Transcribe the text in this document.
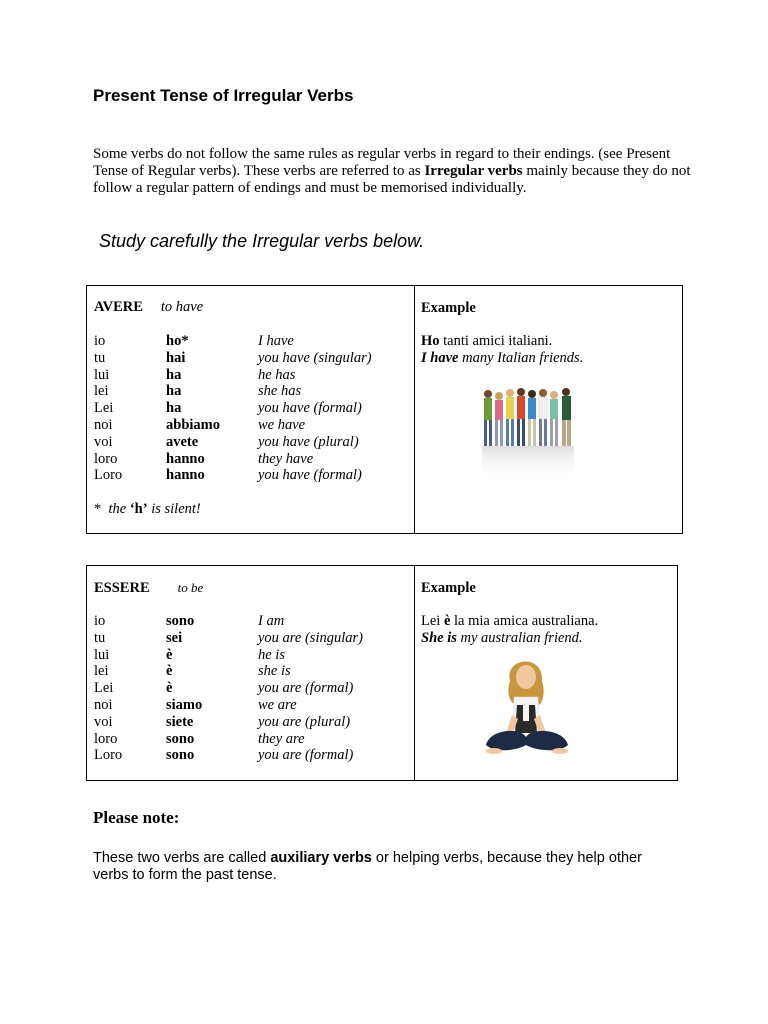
Present Tense of Irregular Verbs
Some verbs do not follow the same rules as regular verbs in regard to their endings. (see Present Tense of Regular verbs). These verbs are referred to as Irregular verbs mainly because they do not follow a regular pattern of endings and must be memorised individually.
Study carefully the Irregular verbs below.
AVERE to have
io	ho*	I have
tu	hai	you have (singular)
lui	ha	he has
lei	ha	she has
Lei	ha	you have (formal)
noi	abbiamo	we have
voi	avete	you have (plural)
loro	hanno	they have
Loro	hanno	you have (formal)
* the ‘h’ is silent!
Example
Ho tanti amici italiani.
I have many Italian friends.
ESSERE to be
io	sono	I am
tu	sei	you are (singular)
lui	è	he is
lei	è	she is
Lei	è	you are (formal)
noi	siamo	we are
voi	siete	you are (plural)
loro	sono	they are
Loro	sono	you are (formal)
Example
Lei è la mia amica australiana.
She is my australian friend.
Please note:
These two verbs are called auxiliary verbs or helping verbs, because they help other verbs to form the past tense.
